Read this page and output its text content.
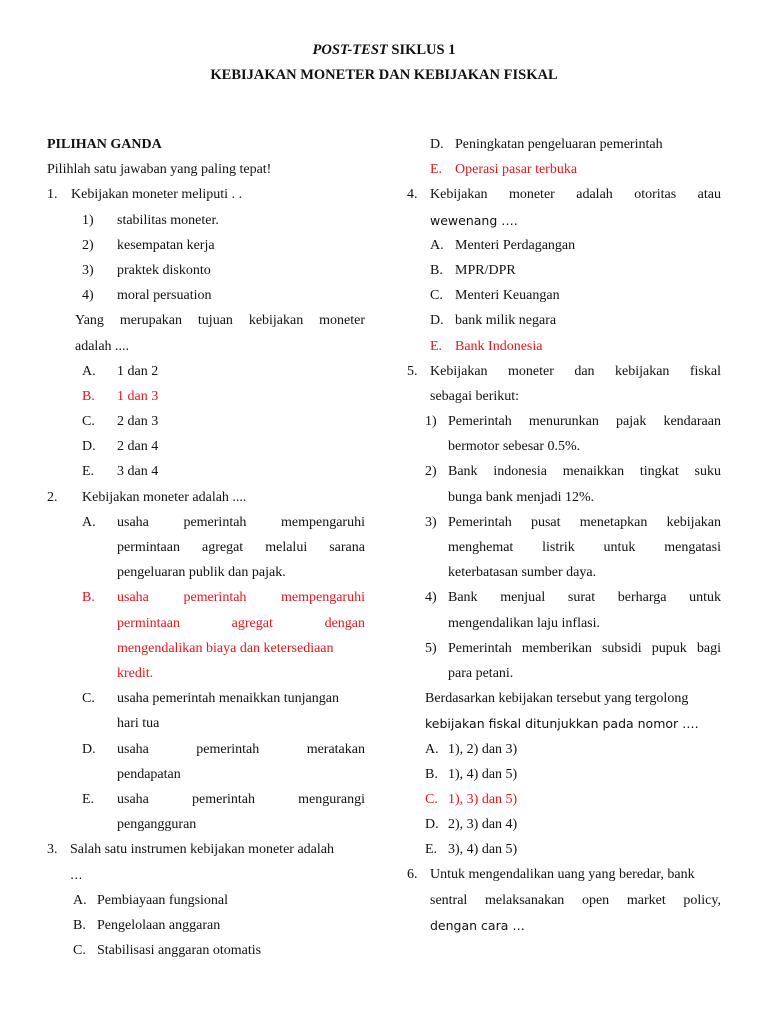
POST-TEST SIKLUS 1
KEBIJAKAN MONETER DAN KEBIJAKAN FISKAL
PILIHAN GANDA
Pilihlah satu jawaban yang paling tepat!
1. Kebijakan moneter meliputi . .
1) stabilitas moneter.
2) kesempatan kerja
3) praktek diskonto
4) moral persuation
Yang merupakan tujuan kebijakan moneter
adalah ....
A. 1 dan 2
B. 1 dan 3
C. 2 dan 3
D. 2 dan 4
E. 3 dan 4
2. Kebijakan moneter adalah ....
A. usaha pemerintah mempengaruhi
permintaan agregat melalui sarana
pengeluaran publik dan pajak.
B. usaha pemerintah mempengaruhi
permintaan	agregat	dengan
mengendalikan biaya dan ketersediaan
kredit.
C. usaha pemerintah menaikkan tunjangan
hari tua
D. usaha	pemerintah	meratakan
pendapatan
E. usaha	pemerintah	mengurangi
pengangguran
3. Salah satu instrumen kebijakan moneter adalah
…
A. Pembiayaan fungsional
B. Pengelolaan anggaran
C. Stabilisasi anggaran otomatis
D. Peningkatan pengeluaran pemerintah
E. Operasi pasar terbuka
4. Kebijakan moneter adalah otoritas atau
wewenang ….
A. Menteri Perdagangan
B. MPR/DPR
C. Menteri Keuangan
D. bank milik negara
E. Bank Indonesia
5. Kebijakan moneter dan kebijakan fiskal
sebagai berikut:
1) Pemerintah menurunkan pajak kendaraan
bermotor sebesar 0.5%.
2) Bank indonesia menaikkan tingkat suku
bunga bank menjadi 12%.
3) Pemerintah pusat menetapkan kebijakan
menghemat listrik untuk mengatasi
keterbatasan sumber daya.
4) Bank menjual surat berharga untuk
mengendalikan laju inflasi.
5) Pemerintah memberikan subsidi pupuk bagi
para petani.
Berdasarkan kebijakan tersebut yang tergolong
kebijakan fiskal ditunjukkan pada nomor ….
A. 1), 2) dan 3)
B. 1), 4) dan 5)
C. 1), 3) dan 5)
D. 2), 3) dan 4)
E. 3), 4) dan 5)
6. Untuk mengendalikan uang yang beredar, bank
sentral melaksanakan open market policy,
dengan cara …
